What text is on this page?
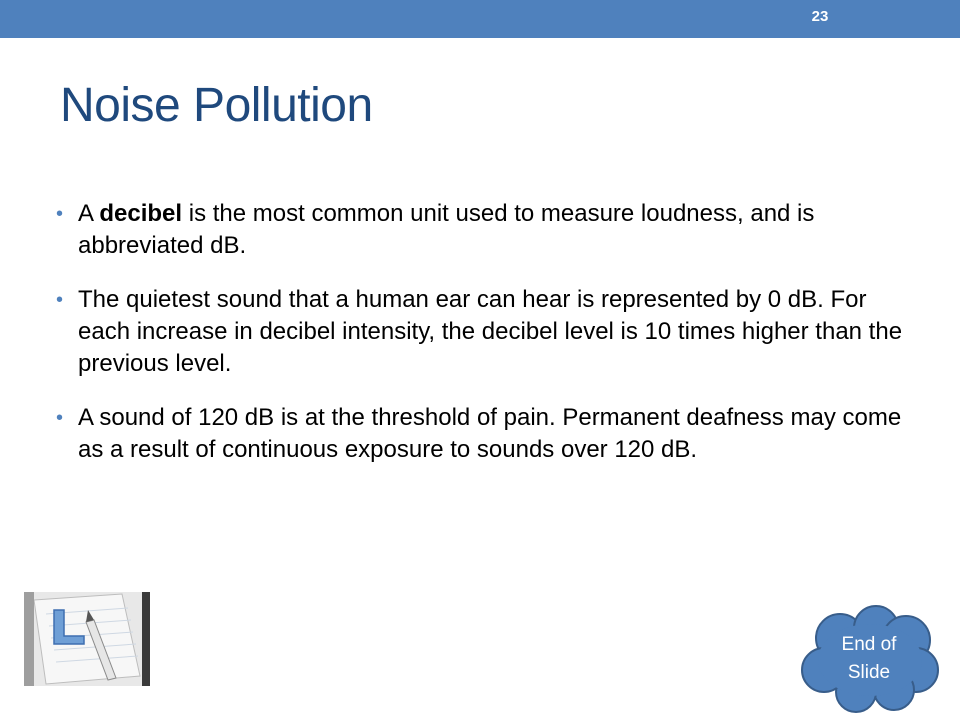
23
Noise Pollution
• A decibel is the most common unit used to measure loudness, and is abbreviated dB.
• The quietest sound that a human ear can hear is represented by 0 dB. For each increase in decibel intensity, the decibel level is 10 times higher than the previous level.
• A sound of 120 dB is at the threshold of pain. Permanent deafness may come as a result of continuous exposure to sounds over 120 dB.
End of
Slide
